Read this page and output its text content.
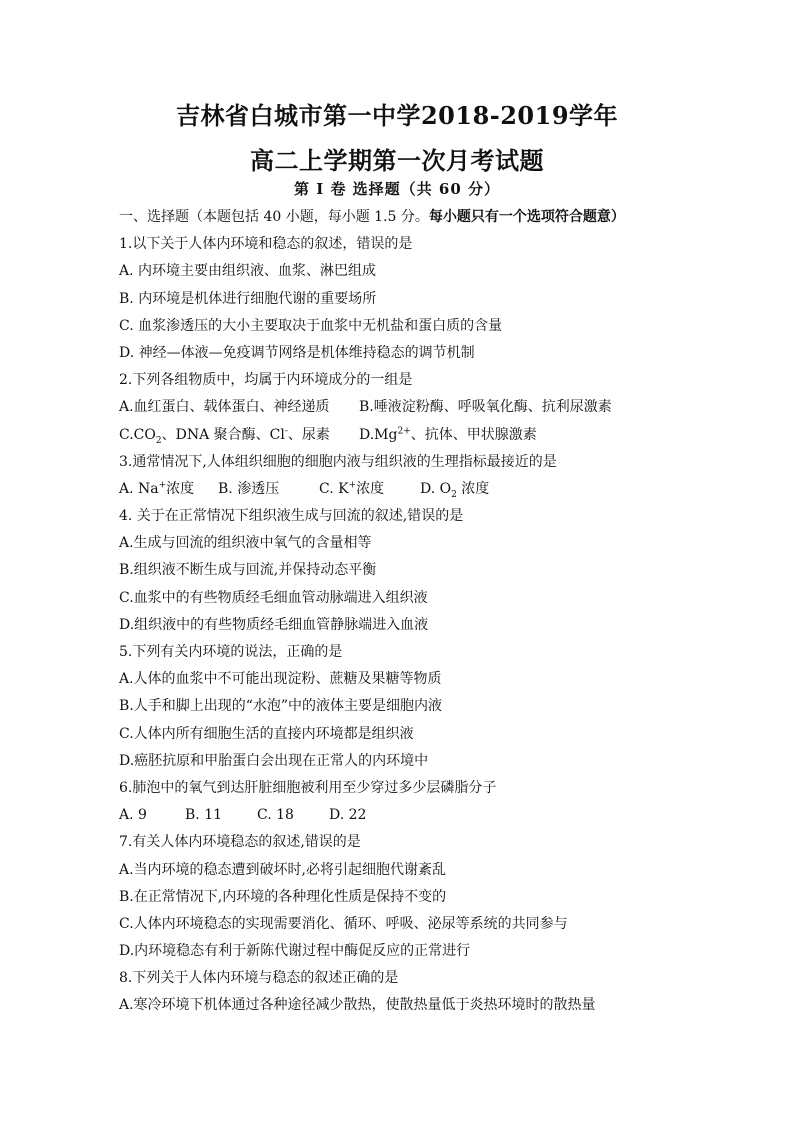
吉林省白城市第一中学2018-2019学年
高二上学期第一次月考试题
第 Ⅰ 卷 选择题（共 60 分）
一、选择题（本题包括 40 小题，每小题 1.5 分。每小题只有一个选项符合题意）
1.以下关于人体内环境和稳态的叙述，错误的是
A. 内环境主要由组织液、血浆、淋巴组成
B. 内环境是机体进行细胞代谢的重要场所
C. 血浆渗透压的大小主要取决于血浆中无机盐和蛋白质的含量
D. 神经—体液—免疫调节网络是机体维持稳态的调节机制
2.下列各组物质中，均属于内环境成分的一组是
A.血红蛋白、载体蛋白、神经递质 B.唾液淀粉酶、呼吸氧化酶、抗利尿激素
$C.CO_2$、DNA 聚合酶、Cl-、尿素 $D.Mg^{2+}$、抗体、甲状腺激素
3.通常情况下,人体组织细胞的细胞内液与组织液的生理指标最接近的是
A. Na+浓度 B. 渗透压	C. K+浓度	D. $O_2$ 浓度
4. 关于在正常情况下组织液生成与回流的叙述,错误的是
A.生成与回流的组织液中氧气的含量相等
B.组织液不断生成与回流,并保持动态平衡
C.血浆中的有些物质经毛细血管动脉端进入组织液
D.组织液中的有些物质经毛细血管静脉端进入血液
5.下列有关内环境的说法，正确的是
A.人体的血浆中不可能出现淀粉、蔗糖及果糖等物质
B.人手和脚上出现的“水泡”中的液体主要是细胞内液
C.人体内所有细胞生活的直接内环境都是组织液
D.癌胚抗原和甲胎蛋白会出现在正常人的内环境中
6.肺泡中的氧气到达肝脏细胞被利用至少穿过多少层磷脂分子
A. 9	B. 11 C. 18	D. 22
7.有关人体内环境稳态的叙述,错误的是
A.当内环境的稳态遭到破坏时,必将引起细胞代谢紊乱
B.在正常情况下,内环境的各种理化性质是保持不变的
C.人体内环境稳态的实现需要消化、循环、呼吸、泌尿等系统的共同参与
D.内环境稳态有利于新陈代谢过程中酶促反应的正常进行
8.下列关于人体内环境与稳态的叙述正确的是
A.寒冷环境下机体通过各种途径减少散热，使散热量低于炎热环境时的散热量
